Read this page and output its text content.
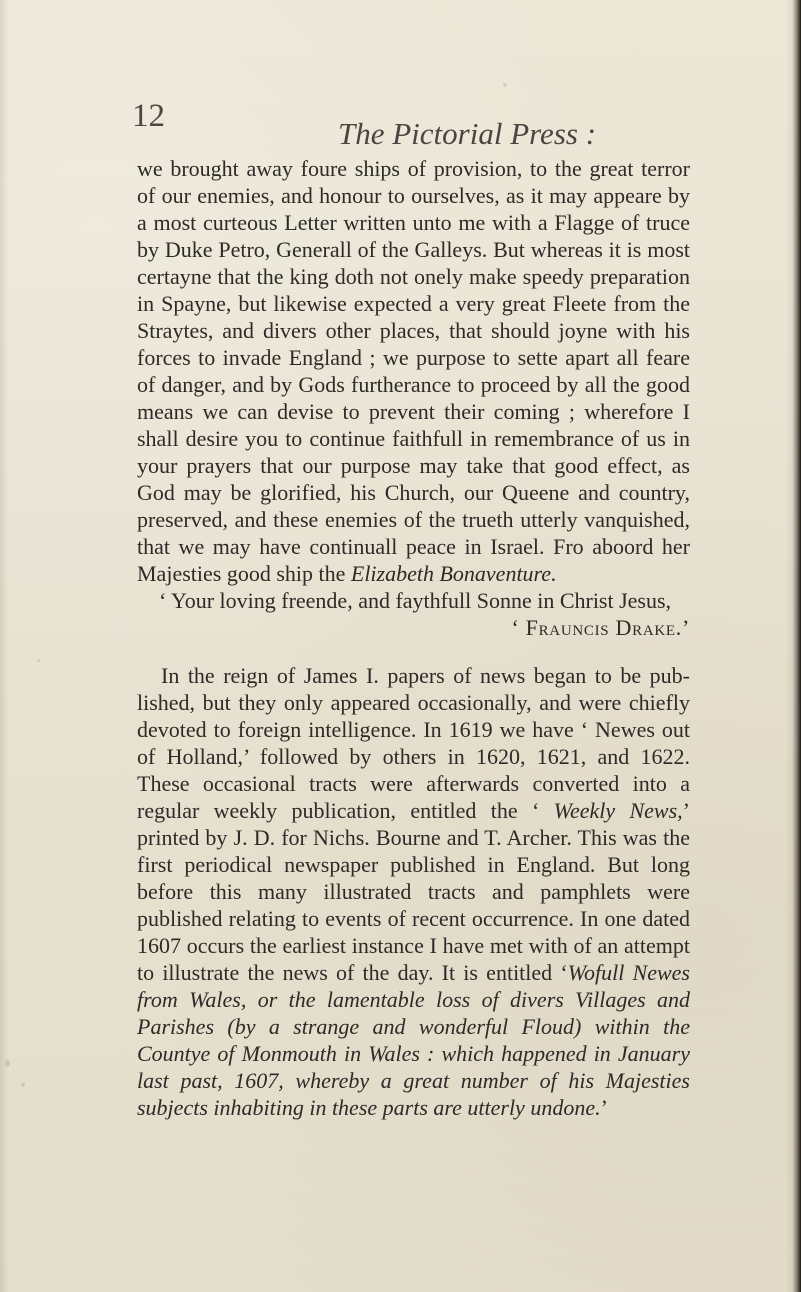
12	The Pictorial Press :

we brought away foure ships of provision, to the great terror of our enemies, and honour to ourselves, as it may appeare by a most curteous Letter written unto me with a Flagge of truce by Duke Petro, Generall of the Galleys. But whereas it is most certayne that the king doth not onely make speedy preparation in Spayne, but likewise expected a very great Fleete from the Straytes, and divers other places, that should joyne with his forces to invade England ; we purpose to sette apart all feare of danger, and by Gods furtherance to proceed by all the good means we can devise to prevent their coming ; wherefore I shall desire you to continue faithfull in remembrance of us in your prayers that our purpose may take that good effect, as God may be glorified, his Church, our Queene and country, preserved, and these enemies of the trueth utterly vanquished, that we may have continuall peace in Israel. Fro aboord her Majesties good ship the Elizabeth Bonaventure.

‘ Your loving freende, and faythfull Sonne in Christ Jesus,

‘ Frauncis Drake.’

In the reign of James I. papers of news began to be published, but they only appeared occasionally, and were chiefly devoted to foreign intelligence. In 1619 we have ‘ Newes out of Holland,’ followed by others in 1620, 1621, and 1622. These occasional tracts were afterwards converted into a regular weekly publication, entitled the ‘ Weekly News,’ printed by J. D. for Nichs. Bourne and T. Archer. This was the first periodical newspaper published in England. But long before this many illustrated tracts and pamphlets were published relating to events of recent occurrence. In one dated 1607 occurs the earliest instance I have met with of an attempt to illustrate the news of the day. It is entitled ‘Wofull Newes from Wales, or the lamentable loss of divers Villages and Parishes (by a strange and wonderful Floud) within the Countye of Monmouth in Wales : which happened in January last past, 1607, whereby a great number of his Majesties subjects inhabiting in these parts are utterly undone.’
